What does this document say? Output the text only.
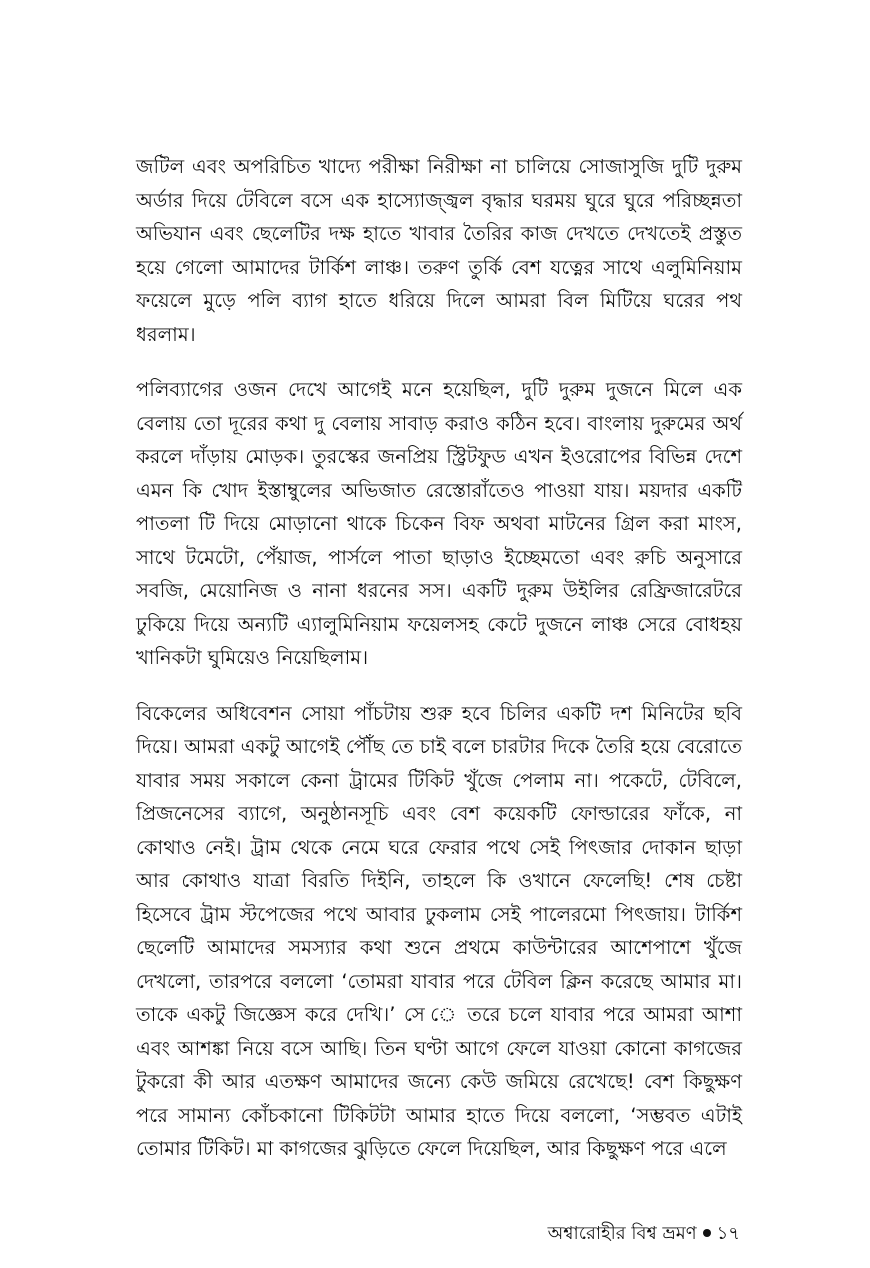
জটিল এবং অপরিচিত খাদ্যে পরীক্ষা নিরীক্ষা না চালিয়ে সোজাসুজি দুটি দুরুম অর্ডার দিয়ে টেবিলে বসে এক হাস্যোজ্জ্বল বৃদ্ধার ঘরময় ঘুরে ঘুরে পরিচ্ছন্নতা অভিযান এবং ছেলেটির দক্ষ হাতে খাবার তৈরির কাজ দেখতে দেখতেই প্রস্তুত হয়ে গেলো আমাদের টার্কিশ লাঞ্চ। তরুণ তুর্কি বেশ যত্নের সাথে এলুমিনিয়াম ফয়েলে মুড়ে পলি ব্যাগ হাতে ধরিয়ে দিলে আমরা বিল মিটিয়ে ঘরের পথ ধরলাম।

পলিব্যাগের ওজন দেখে আগেই মনে হয়েছিল, দুটি দুরুম দুজনে মিলে এক বেলায় তো দূরের কথা দু বেলায় সাবাড় করাও কঠিন হবে। বাংলায় দুরুমের অর্থ করলে দাঁড়ায় মোড়ক। তুরস্কের জনপ্রিয় স্ট্রিটফুড এখন ইওরোপের বিভিন্ন দেশে এমন কি খোদ ইস্তাম্বুলের অভিজাত রেস্তোরাঁতেও পাওয়া যায়। ময়দার একটি পাতলা টি দিয়ে মোড়ানো থাকে চিকেন বিফ অথবা মাটনের গ্রিল করা মাংস, সাথে টমেটো, পেঁয়াজ, পার্সলে পাতা ছাড়াও ইচ্ছেমতো এবং রুচি অনুসারে সবজি, মেয়োনিজ ও নানা ধরনের সস। একটি দুরুম উইলির রেফ্রিজারেটরে ঢুকিয়ে দিয়ে অন্যটি এ্যালুমিনিয়াম ফয়েলসহ কেটে দুজনে লাঞ্চ সেরে বোধহয় খানিকটা ঘুমিয়েও নিয়েছিলাম।

বিকেলের অধিবেশন সোয়া পাঁচটায় শুরু হবে চিলির একটি দশ মিনিটের ছবি দিয়ে। আমরা একটু আগেই পৌঁছ তে চাই বলে চারটার দিকে তৈরি হয়ে বেরোতে যাবার সময় সকালে কেনা ট্রামের টিকিট খুঁজে পেলাম না। পকেটে, টেবিলে, প্রিজনেসের ব্যাগে, অনুষ্ঠানসূচি এবং বেশ কয়েকটি ফোল্ডারের ফাঁকে, না কোথাও নেই। ট্রাম থেকে নেমে ঘরে ফেরার পথে সেই পিৎজার দোকান ছাড়া আর কোথাও যাত্রা বিরতি দিইনি, তাহলে কি ওখানে ফেলেছি! শেষ চেষ্টা হিসেবে ট্রাম স্টপেজের পথে আবার ঢুকলাম সেই পালেরমো পিৎজায়। টার্কিশ ছেলেটি আমাদের সমস্যার কথা শুনে প্রথমে কাউন্টারের আশেপাশে খুঁজে দেখলো, তারপরে বললো ‘তোমরা যাবার পরে টেবিল ক্লিন করেছে আমার মা। তাকে একটু জিজ্ঞেস করে দেখি।’ সে ে তরে চলে যাবার পরে আমরা আশা এবং আশঙ্কা নিয়ে বসে আছি। তিন ঘণ্টা আগে ফেলে যাওয়া কোনো কাগজের টুকরো কী আর এতক্ষণ আমাদের জন্যে কেউ জমিয়ে রেখেছে! বেশ কিছুক্ষণ পরে সামান্য কোঁচকানো টিকিটটা আমার হাতে দিয়ে বললো, ‘সম্ভবত এটাই তোমার টিকিট। মা কাগজের ঝুড়িতে ফেলে দিয়েছিল, আর কিছুক্ষণ পরে এলে

অশ্বারোহীর বিশ্ব ভ্রমণ ১৭
